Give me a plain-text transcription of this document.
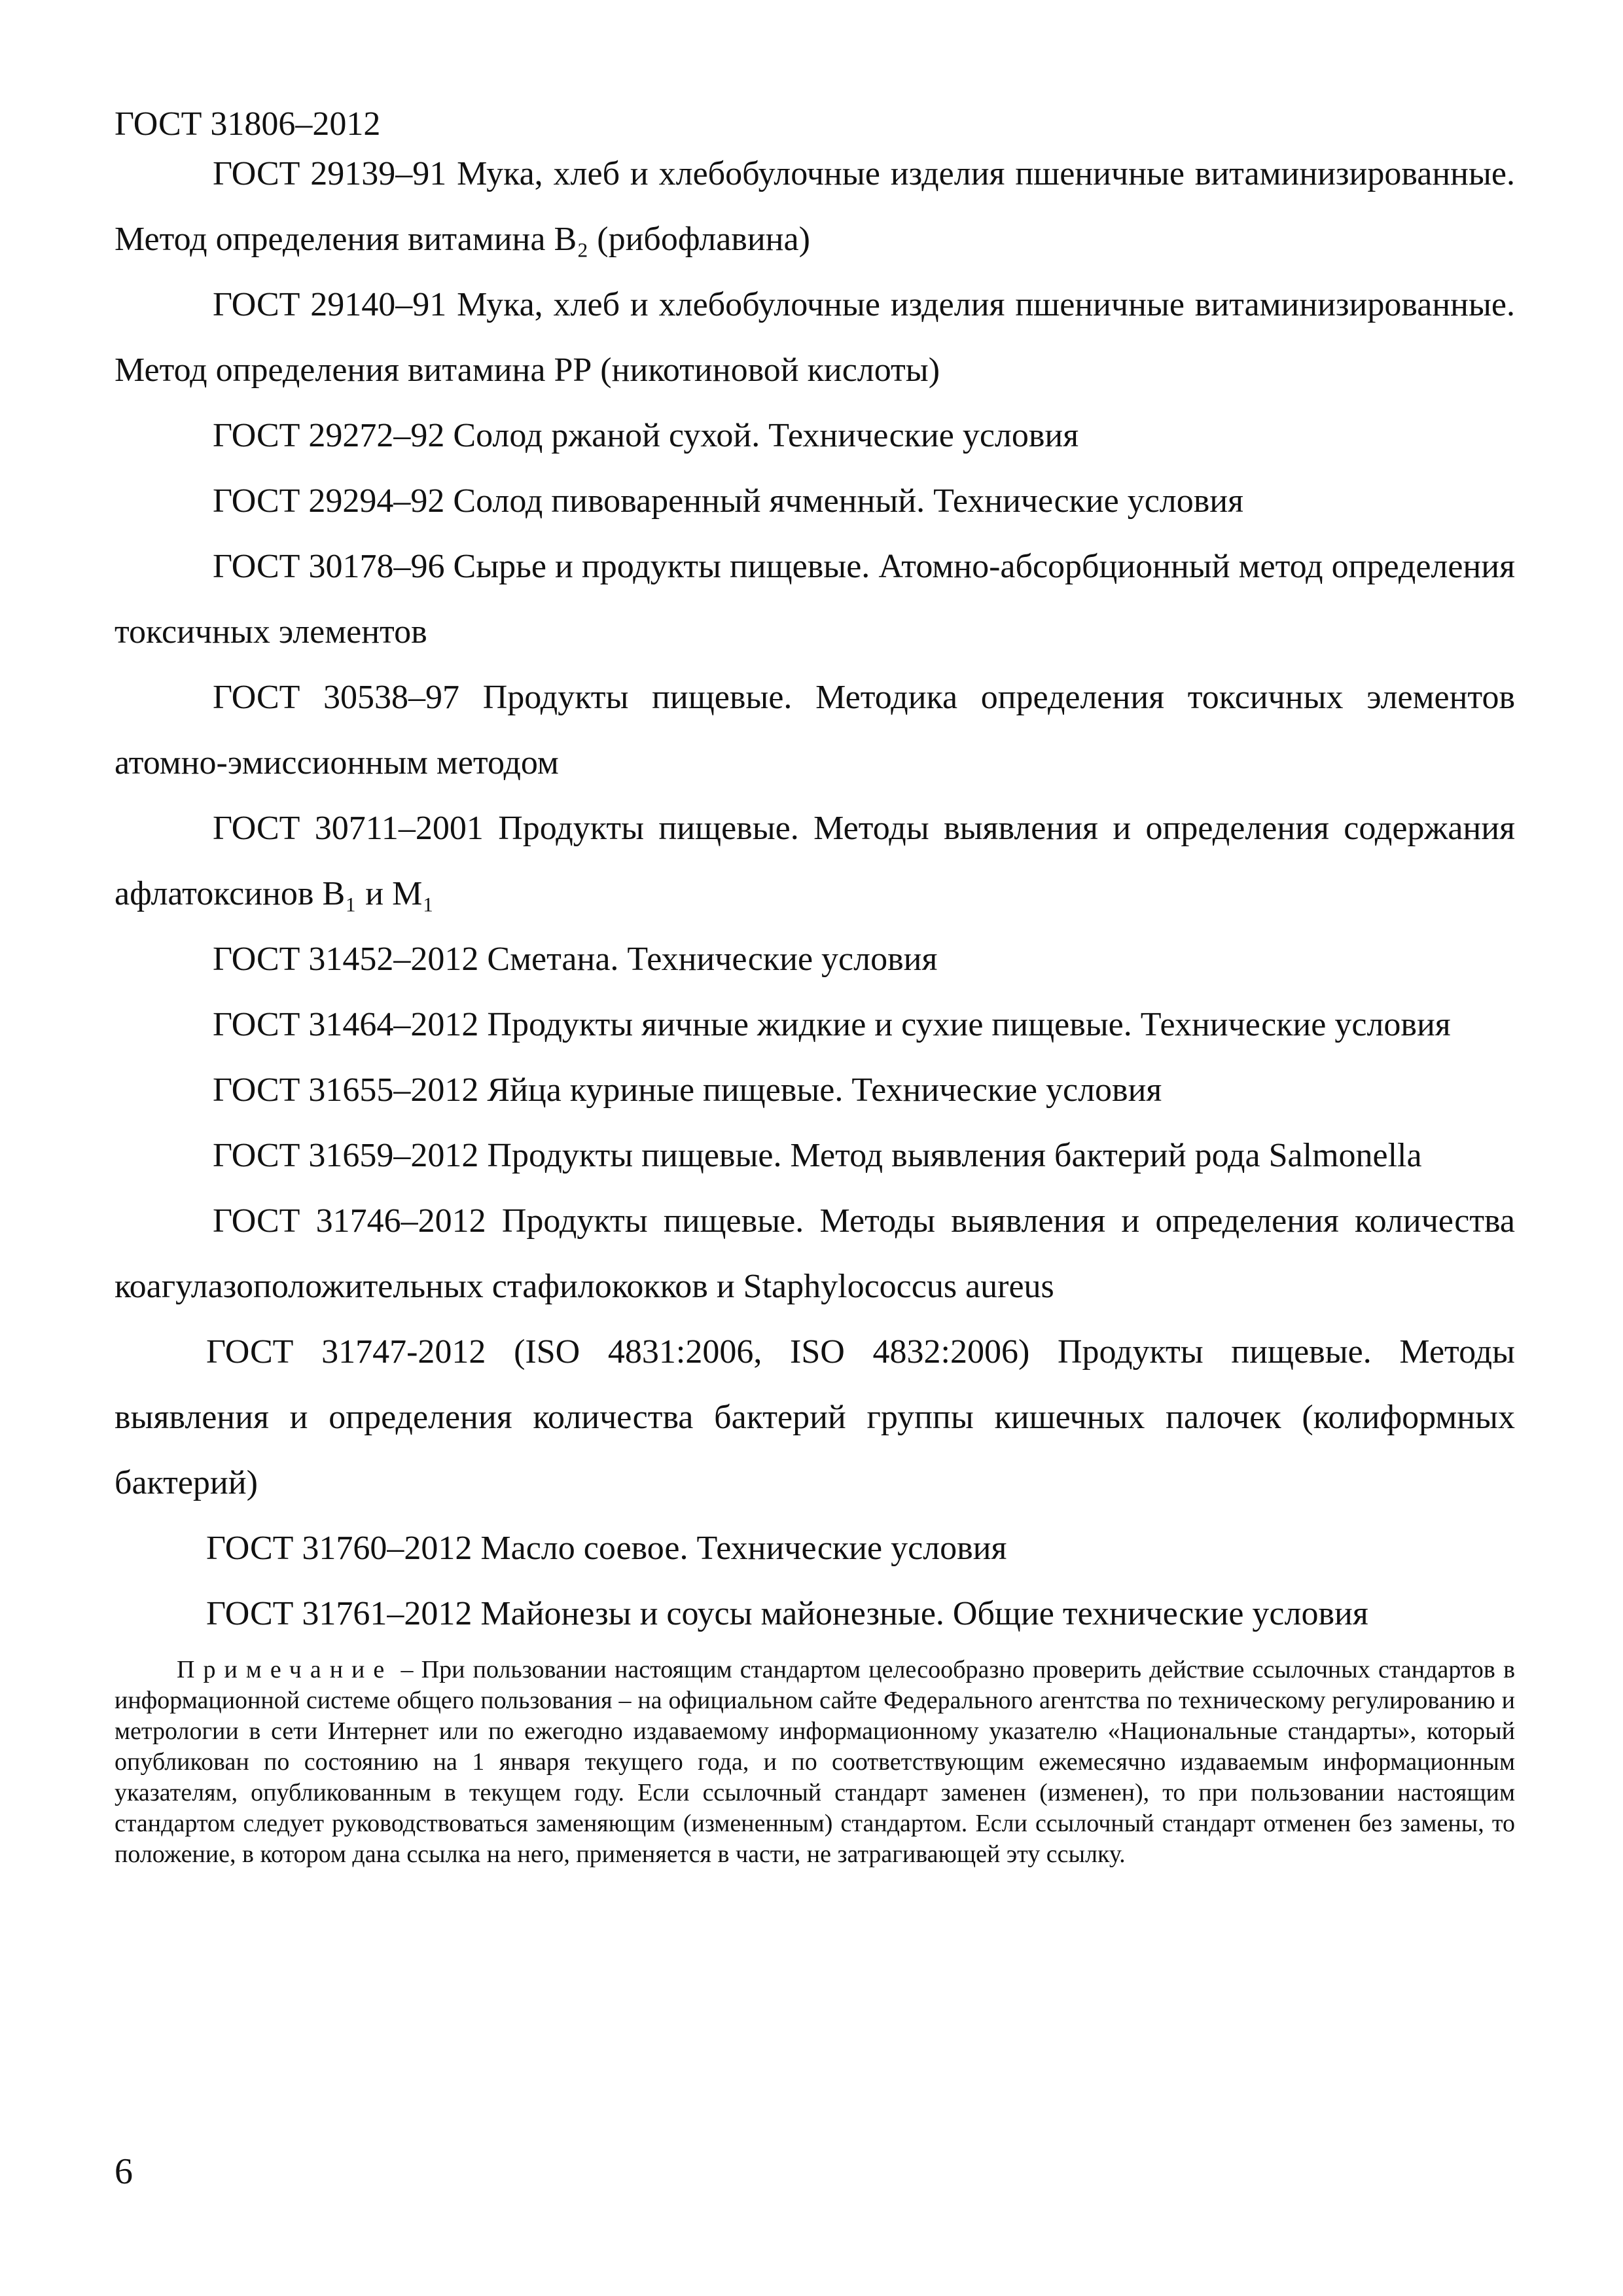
ГОСТ 31806–2012

ГОСТ 29139–91 Мука, хлеб и хлебобулочные изделия пшеничные витаминизированные. Метод определения витамина B₂ (рибофлавина)

ГОСТ 29140–91 Мука, хлеб и хлебобулочные изделия пшеничные витаминизированные. Метод определения витамина РР (никотиновой кислоты)

ГОСТ 29272–92 Солод ржаной сухой. Технические условия

ГОСТ 29294–92 Солод пивоваренный ячменный. Технические условия

ГОСТ 30178–96 Сырье и продукты пищевые. Атомно-абсорбционный метод определения токсичных элементов

ГОСТ 30538–97 Продукты пищевые. Методика определения токсичных элементов атомно-эмиссионным методом

ГОСТ 30711–2001 Продукты пищевые. Методы выявления и определения содержания афлатоксинов B₁ и M₁

ГОСТ 31452–2012 Сметана. Технические условия

ГОСТ 31464–2012 Продукты яичные жидкие и сухие пищевые. Технические условия

ГОСТ 31655–2012 Яйца куриные пищевые. Технические условия

ГОСТ 31659–2012 Продукты пищевые. Метод выявления бактерий рода Salmonella

ГОСТ 31746–2012 Продукты пищевые. Методы выявления и определения количества коагулазоположительных стафилококков и Staphylococcus aureus

ГОСТ 31747-2012 (ISO 4831:2006, ISO 4832:2006) Продукты пищевые. Методы выявления и определения количества бактерий группы кишечных палочек (колиформных бактерий)

ГОСТ 31760–2012 Масло соевое. Технические условия

ГОСТ 31761–2012 Майонезы и соусы майонезные. Общие технические условия

Примечание – При пользовании настоящим стандартом целесообразно проверить действие ссылочных стандартов в информационной системе общего пользования – на официальном сайте Федерального агентства по техническому регулированию и метрологии в сети Интернет или по ежегодно издаваемому информационному указателю «Национальные стандарты», который опубликован по состоянию на 1 января текущего года, и по соответствующим ежемесячно издаваемым информационным указателям, опубликованным в текущем году. Если ссылочный стандарт заменен (изменен), то при пользовании настоящим стандартом следует руководствоваться заменяющим (измененным) стандартом. Если ссылочный стандарт отменен без замены, то положение, в котором дана ссылка на него, применяется в части, не затрагивающей эту ссылку.

6
